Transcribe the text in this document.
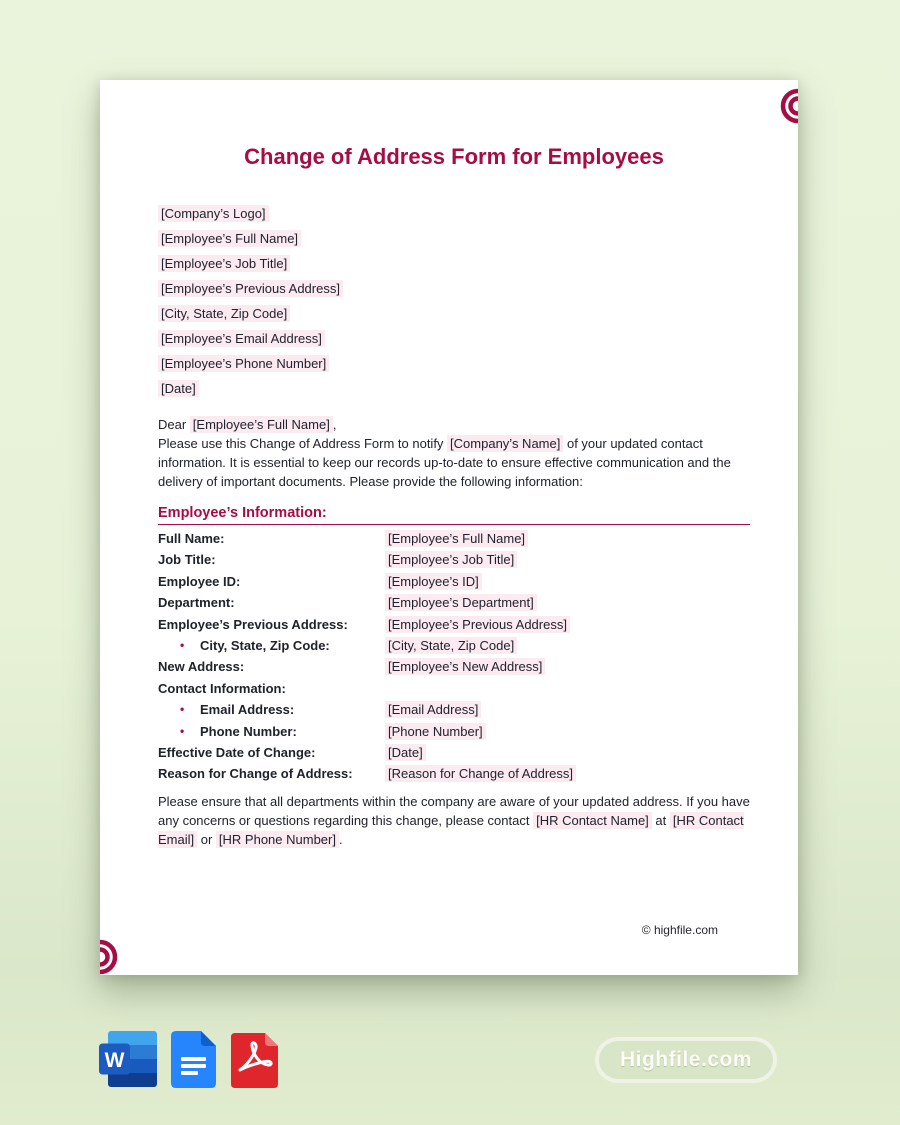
Change of Address Form for Employees
[Company’s Logo]
[Employee’s Full Name]
[Employee’s Job Title]
[Employee’s Previous Address]
[City, State, Zip Code]
[Employee’s Email Address]
[Employee’s Phone Number]
[Date]

Dear [Employee’s Full Name] ,

Please use this Change of Address Form to notify [Company’s Name] of your updated contact information. It is essential to keep our records up-to-date to ensure effective communication and the delivery of important documents. Please provide the following information:

Employee’s Information:
Full Name:	[Employee’s Full Name]
Job Title:	[Employee’s Job Title]
Employee ID:	[Employee’s ID]
Department:	[Employee’s Department]
Employee’s Previous Address:	[Employee’s Previous Address]
•	City, State, Zip Code:	[City, State, Zip Code]
New Address:	[Employee’s New Address]
Contact Information:
•	Email Address:	[Email Address]
•	Phone Number:	[Phone Number]
Effective Date of Change:	[Date]
Reason for Change of Address:	[Reason for Change of Address]

Please ensure that all departments within the company are aware of your updated address. If you have any concerns or questions regarding this change, please contact [HR Contact Name] at [HR Contact Email] or [HR Phone Number] .

© highfile.com
W	Highfile.com
